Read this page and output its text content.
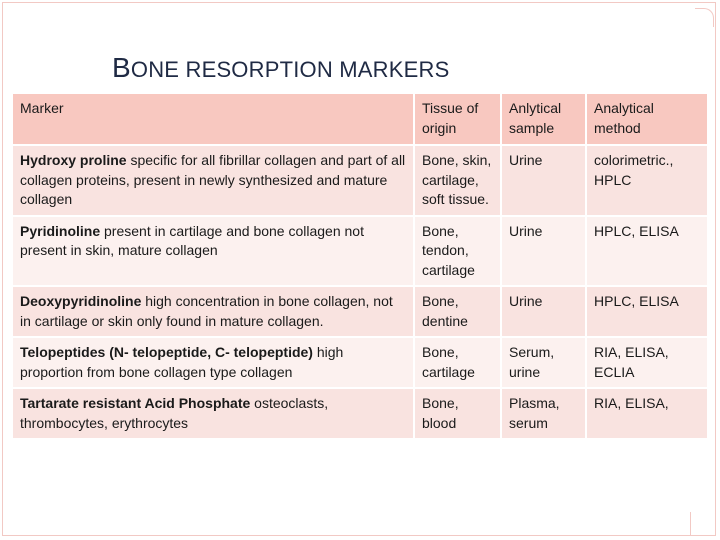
BONE RESORPTION MARKERS
Marker	Tissue of origin	Anlytical sample	Analytical method
Hydroxy proline specific for all fibrillar collagen and part of all collagen proteins, present in newly synthesized and mature collagen	Bone, skin, cartilage, soft tissue.	Urine	colorimetric., HPLC
Pyridinoline present in cartilage and bone collagen not present in skin, mature collagen	Bone, tendon, cartilage	Urine	HPLC, ELISA
Deoxypyridinoline high concentration in bone collagen, not in cartilage or skin only found in mature collagen.	Bone, dentine	Urine	HPLC, ELISA
Telopeptides (N- telopeptide, C- telopeptide) high proportion from bone collagen type collagen	Bone, cartilage	Serum, urine	RIA, ELISA, ECLIA
Tartarate resistant Acid Phosphate osteoclasts, thrombocytes, erythrocytes	Bone, blood	Plasma, serum	RIA, ELISA,
